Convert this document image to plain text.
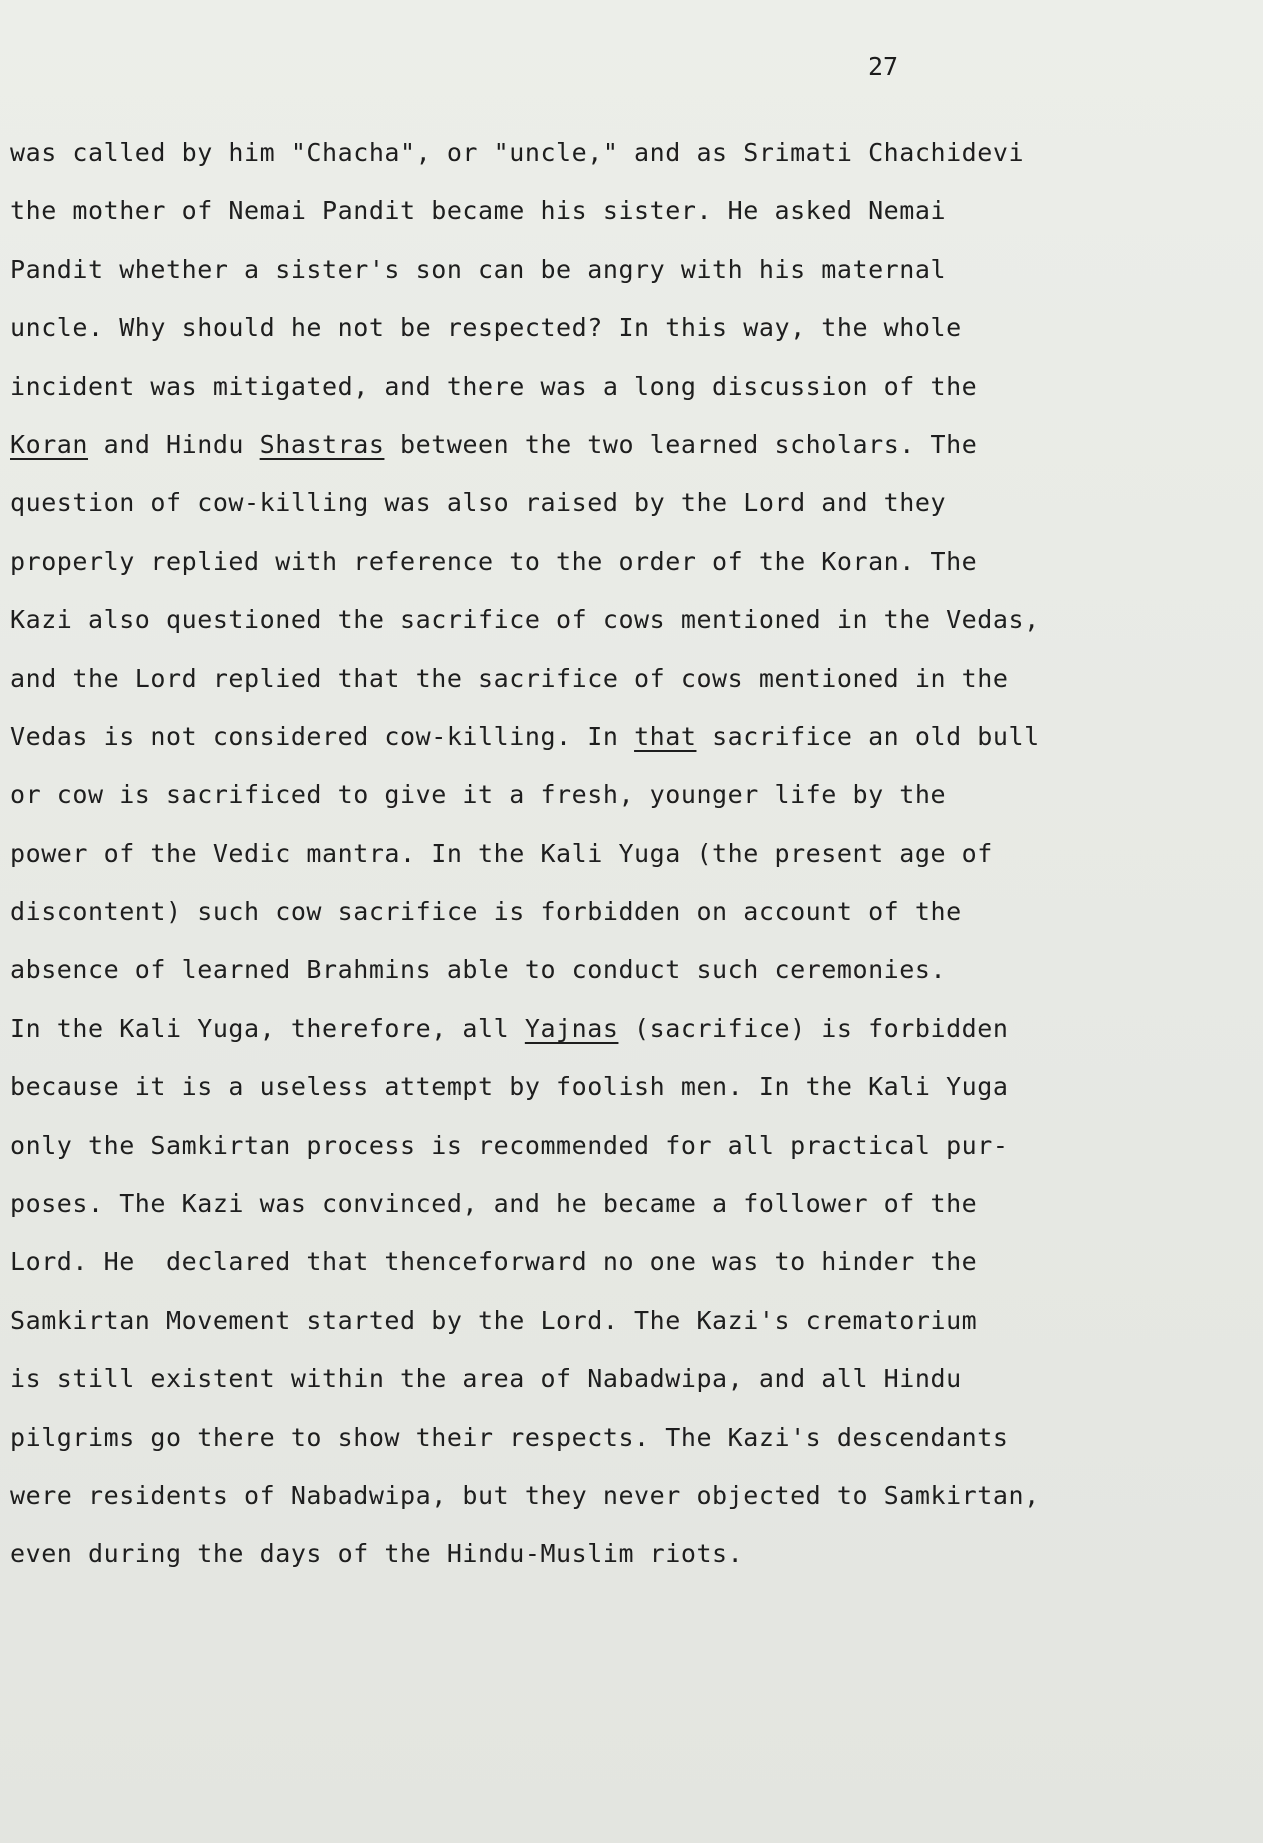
27
was called by him "Chacha", or "uncle," and as Srimati Chachidevi
the mother of Nemai Pandit became his sister. He asked Nemai
Pandit whether a sister's son can be angry with his maternal
uncle. Why should he not be respected? In this way, the whole
incident was mitigated, and there was a long discussion of the
Koran and Hindu Shastras between the two learned scholars. The
question of cow-killing was also raised by the Lord and they
properly replied with reference to the order of the Koran. The
Kazi also questioned the sacrifice of cows mentioned in the Vedas,
and the Lord replied that the sacrifice of cows mentioned in the
Vedas is not considered cow-killing. In that sacrifice an old bull
or cow is sacrificed to give it a fresh, younger life by the
power of the Vedic mantra. In the Kali Yuga (the present age of
discontent) such cow sacrifice is forbidden on account of the
absence of learned Brahmins able to conduct such ceremonies.
In the Kali Yuga, therefore, all Yajnas (sacrifice) is forbidden
because it is a useless attempt by foolish men. In the Kali Yuga
only the Samkirtan process is recommended for all practical pur-
poses. The Kazi was convinced, and he became a follower of the
Lord. He  declared that thenceforward no one was to hinder the
Samkirtan Movement started by the Lord. The Kazi's crematorium
is still existent within the area of Nabadwipa, and all Hindu
pilgrims go there to show their respects. The Kazi's descendants
were residents of Nabadwipa, but they never objected to Samkirtan,
even during the days of the Hindu-Muslim riots.
